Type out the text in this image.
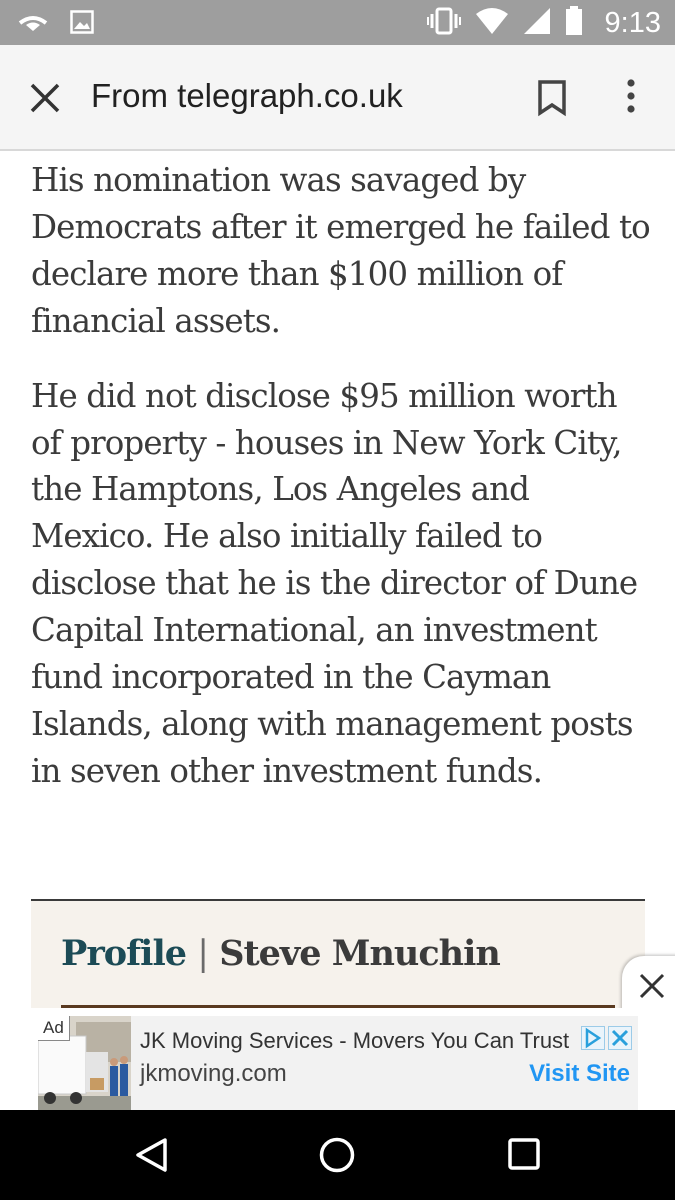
9:13
From telegraph.co.uk

His nomination was savaged by Democrats after it emerged he failed to declare more than $100 million of financial assets.

He did not disclose $95 million worth of property - houses in New York City, the Hamptons, Los Angeles and Mexico. He also initially failed to disclose that he is the director of Dune Capital International, an investment fund incorporated in the Cayman Islands, along with management posts in seven other investment funds.

Profile | Steve Mnuchin
Ad
JK Moving Services - Movers You Can Trust
jkmoving.com	Visit Site
